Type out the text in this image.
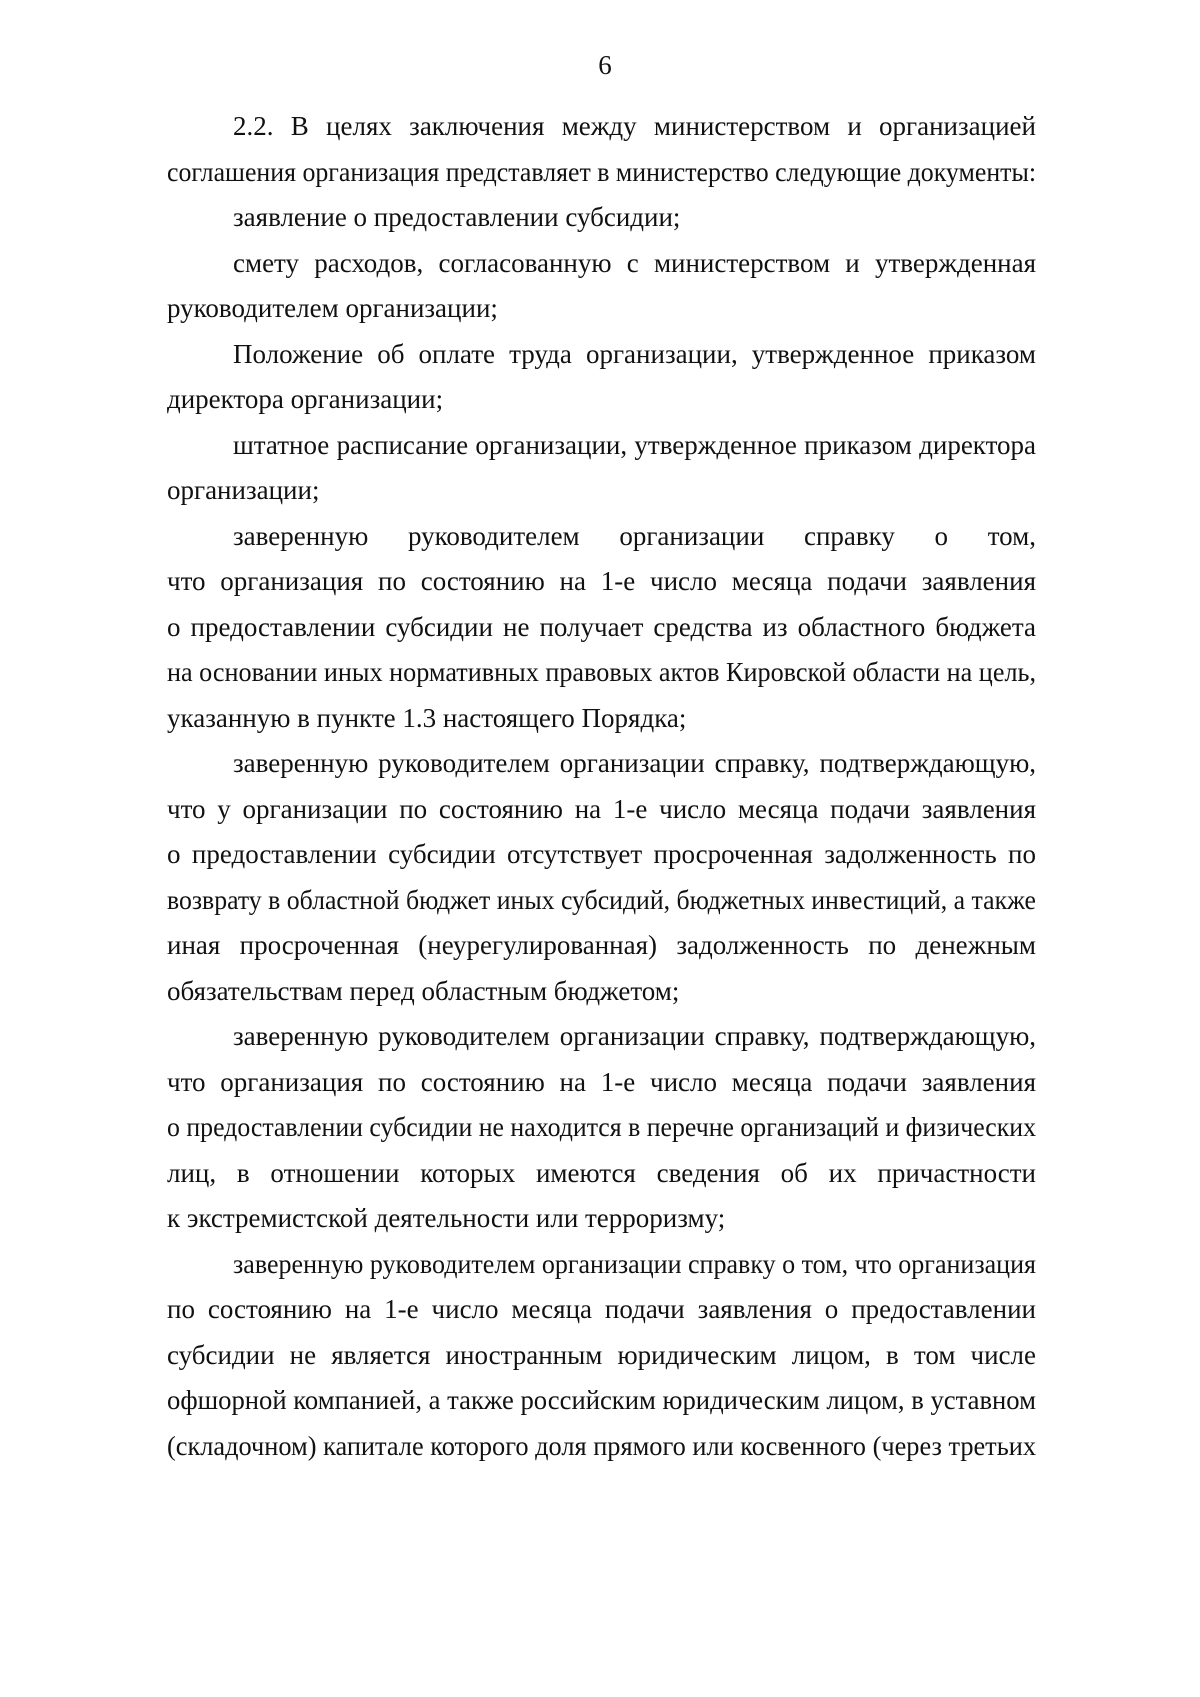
6
2.2. В целях заключения между министерством и организацией
соглашения организация представляет в министерство следующие документы:
заявление о предоставлении субсидии;
смету расходов, согласованную с министерством и утвержденная
руководителем организации;
Положение об оплате труда организации, утвержденное приказом
директора организации;
штатное расписание организации, утвержденное приказом директора
организации;
заверенную руководителем организации справку о том,
что организация по состоянию на 1-е число месяца подачи заявления
о предоставлении субсидии не получает средства из областного бюджета
на основании иных нормативных правовых актов Кировской области на цель,
указанную в пункте 1.3 настоящего Порядка;
заверенную руководителем организации справку, подтверждающую,
что у организации по состоянию на 1-е число месяца подачи заявления
о предоставлении субсидии отсутствует просроченная задолженность по
возврату в областной бюджет иных субсидий, бюджетных инвестиций, а также
иная просроченная (неурегулированная) задолженность по денежным
обязательствам перед областным бюджетом;
заверенную руководителем организации справку, подтверждающую,
что организация по состоянию на 1-е число месяца подачи заявления
о предоставлении субсидии не находится в перечне организаций и физических
лиц, в отношении которых имеются сведения об их причастности
к экстремистской деятельности или терроризму;
заверенную руководителем организации справку о том, что организация
по состоянию на 1-е число месяца подачи заявления о предоставлении
субсидии не является иностранным юридическим лицом, в том числе
офшорной компанией, а также российским юридическим лицом, в уставном
(складочном) капитале которого доля прямого или косвенного (через третьих
